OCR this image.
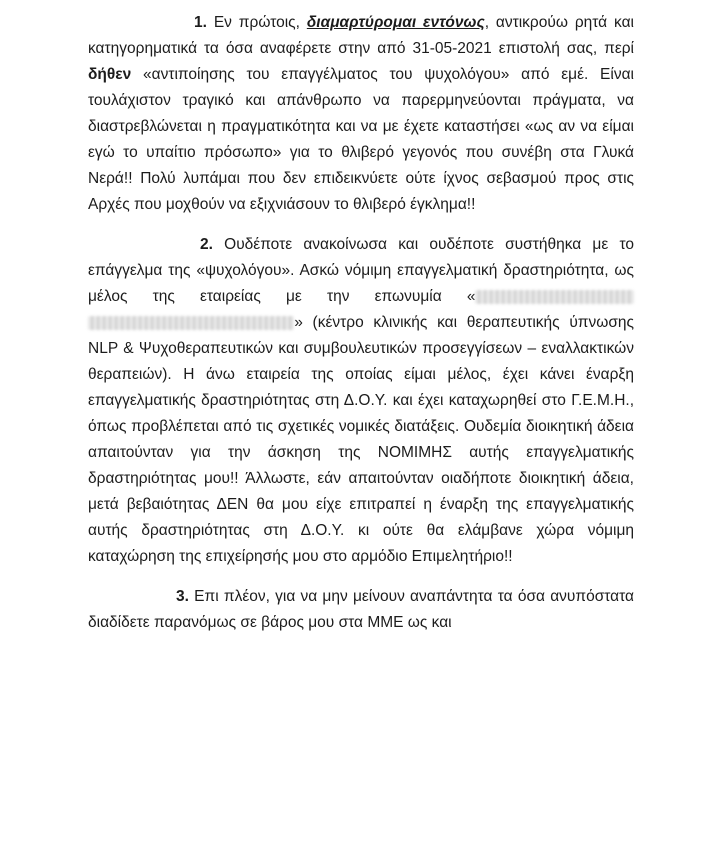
1. Εν πρώτοις, διαμαρτύρομαι εντόνως, αντικρούω ρητά και κατηγορηματικά τα όσα αναφέρετε στην από 31-05-2021 επιστολή σας, περί δήθεν «αντιποίησης του επαγγέλματος του ψυχολόγου» από εμέ. Είναι τουλάχιστον τραγικό και απάνθρωπο να παρερμηνεύονται πράγματα, να διαστρεβλώνεται η πραγματικότητα και να με έχετε καταστήσει «ως αν να είμαι εγώ το υπαίτιο πρόσωπο» για το θλιβερό γεγονός που συνέβη στα Γλυκά Νερά!! Πολύ λυπάμαι που δεν επιδεικνύετε ούτε ίχνος σεβασμού προς στις Αρχές που μοχθούν να εξιχνιάσουν το θλιβερό έγκλημα!!

2. Ουδέποτε ανακοίνωσα και ουδέποτε συστήθηκα με το επάγγελμα της «ψυχολόγου». Ασκώ νόμιμη επαγγελματική δραστηριότητα, ως μέλος της εταιρείας με την επωνυμία « » (κέντρο κλινικής και θεραπευτικής ύπνωσης NLP & Ψυχοθεραπευτικών και συμβουλευτικών προσεγγίσεων – εναλλακτικών θεραπειών). Η άνω εταιρεία της οποίας είμαι μέλος, έχει κάνει έναρξη επαγγελματικής δραστηριότητας στη Δ.Ο.Υ. και έχει καταχωρηθεί στο Γ.Ε.Μ.Η., όπως προβλέπεται από τις σχετικές νομικές διατάξεις. Ουδεμία διοικητική άδεια απαιτούνταν για την άσκηση της ΝΟΜΙΜΗΣ αυτής επαγγελματικής δραστηριότητας μου!! Άλλωστε, εάν απαιτούνταν οιαδήποτε διοικητική άδεια, μετά βεβαιότητας ΔΕΝ θα μου είχε επιτραπεί η έναρξη της επαγγελματικής αυτής δραστηριότητας στη Δ.Ο.Υ. κι ούτε θα ελάμβανε χώρα νόμιμη καταχώρηση της επιχείρησής μου στο αρμόδιο Επιμελητήριο!!

3. Επι πλέον, για να μην μείνουν αναπάντητα τα όσα ανυπόστατα διαδίδετε παρανόμως σε βάρος μου στα ΜΜΕ ως και
